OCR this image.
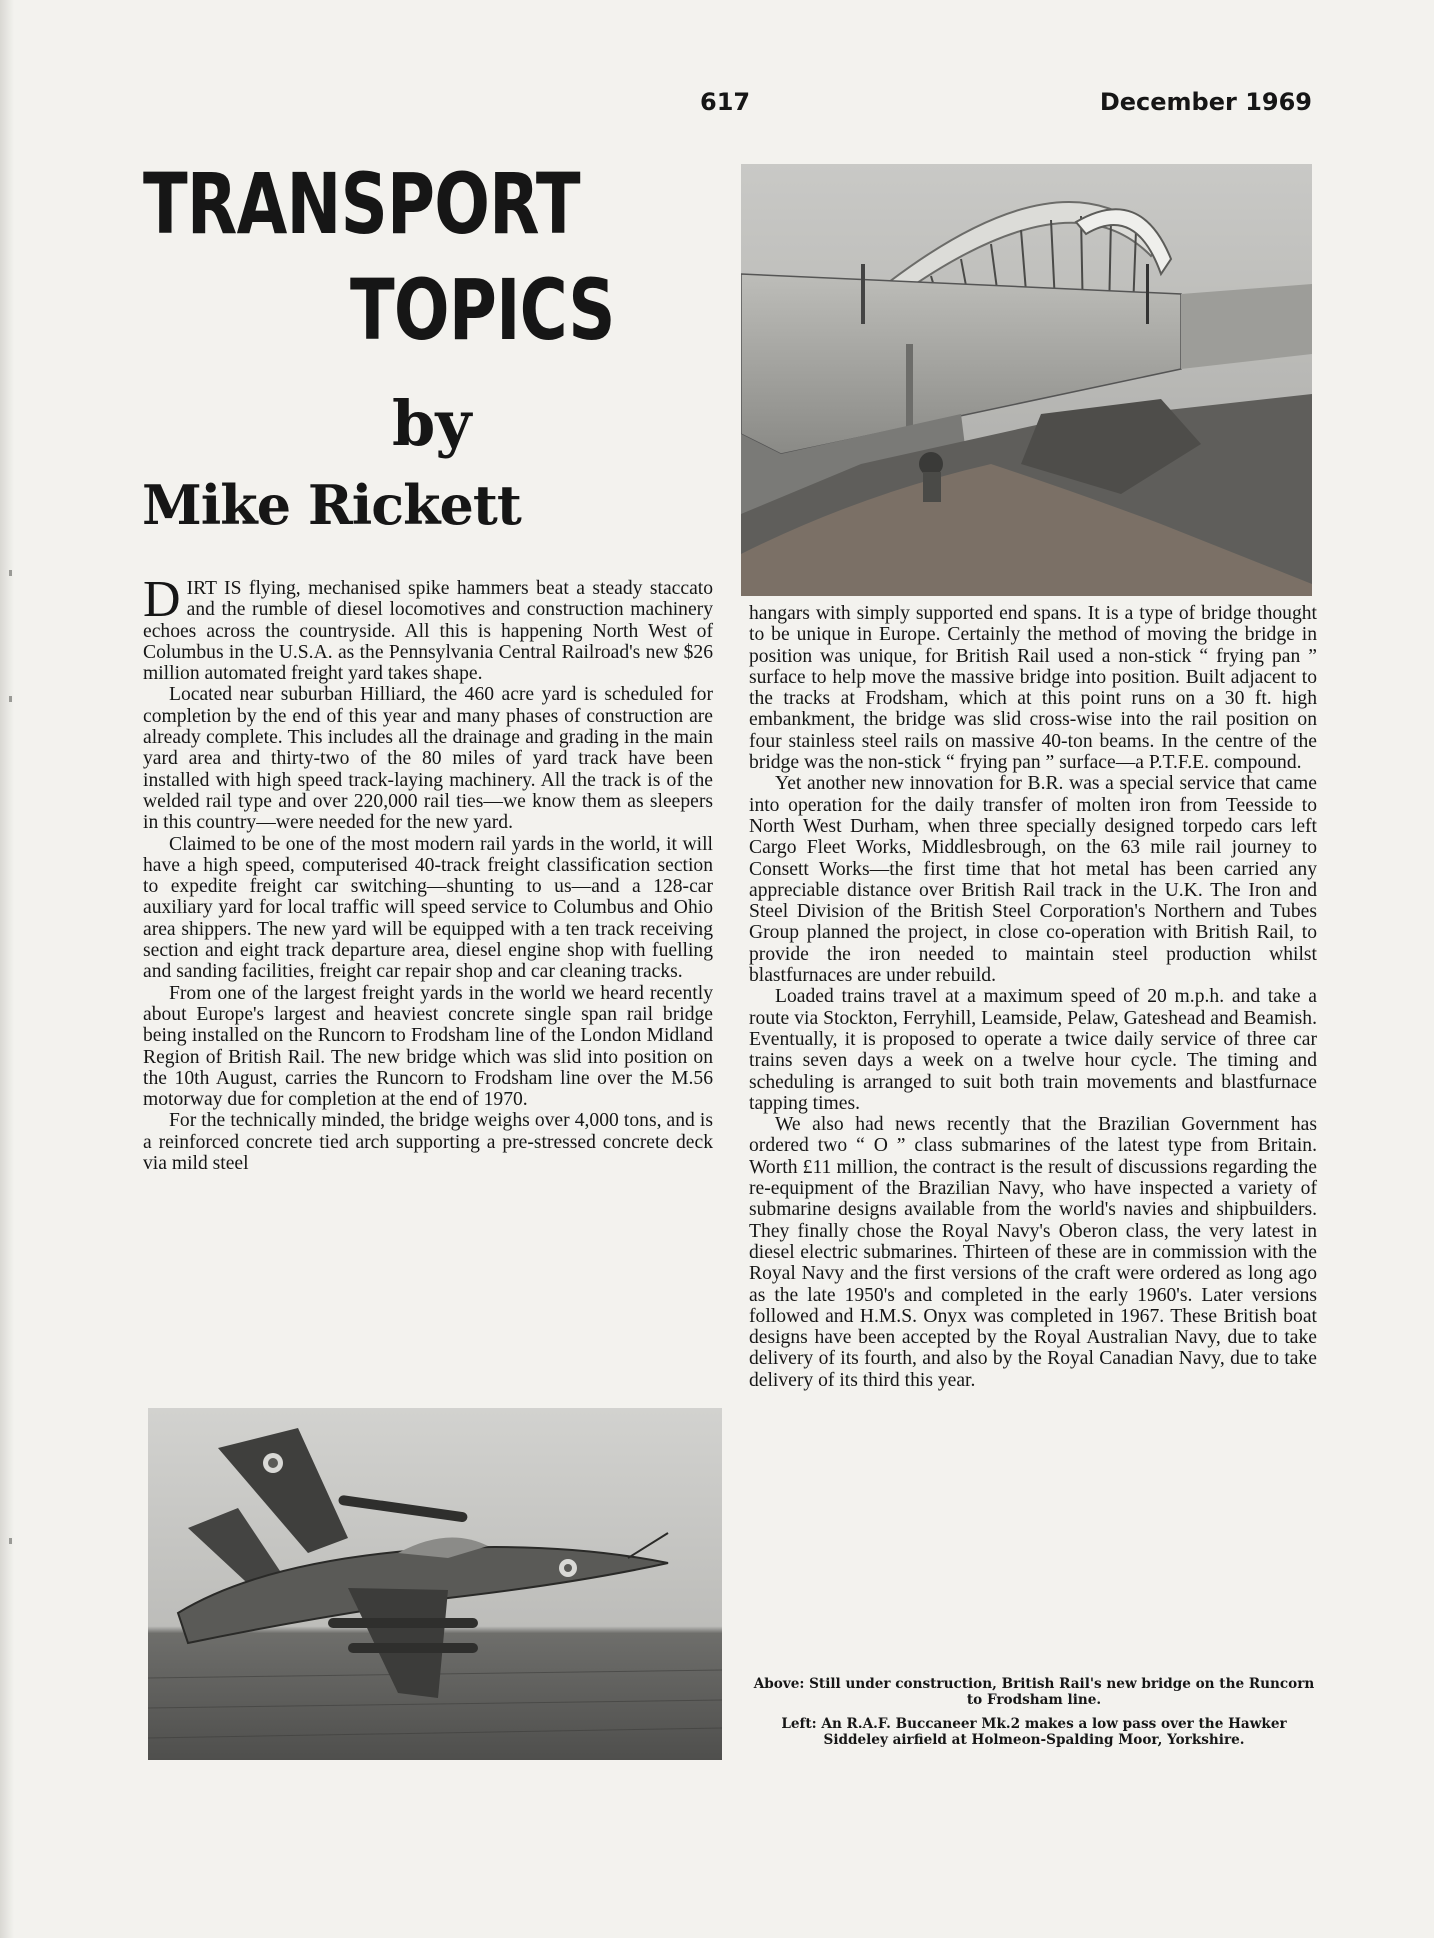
617	December 1969
TRANSPORT
TOPICS
by
Mike Rickett

DIRT IS flying, mechanised spike hammers beat a steady staccato and the rumble of diesel locomotives and construction machinery echoes across the countryside. All this is happening North West of Columbus in the U.S.A. as the Pennsylvania Central Railroad's new $26 million automated freight yard takes shape.

Located near suburban Hilliard, the 460 acre yard is scheduled for completion by the end of this year and many phases of construction are already complete. This includes all the drainage and grading in the main yard area and thirty-two of the 80 miles of yard track have been installed with high speed track-laying machinery. All the track is of the welded rail type and over 220,000 rail ties—we know them as sleepers in this country—were needed for the new yard.

Claimed to be one of the most modern rail yards in the world, it will have a high speed, computerised 40-track freight classification section to expedite freight car switching—shunting to us—and a 128-car auxiliary yard for local traffic will speed service to Columbus and Ohio area shippers. The new yard will be equipped with a ten track receiving section and eight track departure area, diesel engine shop with fuelling and sanding facilities, freight car repair shop and car cleaning tracks.

From one of the largest freight yards in the world we heard recently about Europe's largest and heaviest concrete single span rail bridge being installed on the Runcorn to Frodsham line of the London Midland Region of British Rail. The new bridge which was slid into position on the 10th August, carries the Runcorn to Frodsham line over the M.56 motorway due for completion at the end of 1970.

For the technically minded, the bridge weighs over 4,000 tons, and is a reinforced concrete tied arch supporting a pre-stressed concrete deck via mild steel

hangars with simply supported end spans. It is a type of bridge thought to be unique in Europe. Certainly the method of moving the bridge in position was unique, for British Rail used a non-stick “ frying pan ” surface to help move the massive bridge into position. Built adjacent to the tracks at Frodsham, which at this point runs on a 30 ft. high embankment, the bridge was slid cross-wise into the rail position on four stainless steel rails on massive 40-ton beams. In the centre of the bridge was the non-stick “ frying pan ” surface—a P.T.F.E. compound.

Yet another new innovation for B.R. was a special service that came into operation for the daily transfer of molten iron from Teesside to North West Durham, when three specially designed torpedo cars left Cargo Fleet Works, Middlesbrough, on the 63 mile rail journey to Consett Works—the first time that hot metal has been carried any appreciable distance over British Rail track in the U.K. The Iron and Steel Division of the British Steel Corporation's Northern and Tubes Group planned the project, in close co-operation with British Rail, to provide the iron needed to maintain steel production whilst blastfurnaces are under rebuild.

Loaded trains travel at a maximum speed of 20 m.p.h. and take a route via Stockton, Ferryhill, Leamside, Pelaw, Gateshead and Beamish. Eventually, it is proposed to operate a twice daily service of three car trains seven days a week on a twelve hour cycle. The timing and scheduling is arranged to suit both train movements and blastfurnace tapping times.

We also had news recently that the Brazilian Government has ordered two “ O ” class submarines of the latest type from Britain. Worth £11 million, the contract is the result of discussions regarding the re-equipment of the Brazilian Navy, who have inspected a variety of submarine designs available from the world's navies and shipbuilders. They finally chose the Royal Navy's Oberon class, the very latest in diesel electric submarines. Thirteen of these are in commission with the Royal Navy and the first versions of the craft were ordered as long ago as the late 1950's and completed in the early 1960's. Later versions followed and H.M.S. Onyx was completed in 1967. These British boat designs have been accepted by the Royal Australian Navy, due to take delivery of its fourth, and also by the Royal Canadian Navy, due to take delivery of its third this year.

Above: Still under construction, British Rail's new bridge on the Runcorn to Frodsham line.

Left: An R.A.F. Buccaneer Mk.2 makes a low pass over the Hawker Siddeley airfield at Holmeon-Spalding Moor, Yorkshire.
